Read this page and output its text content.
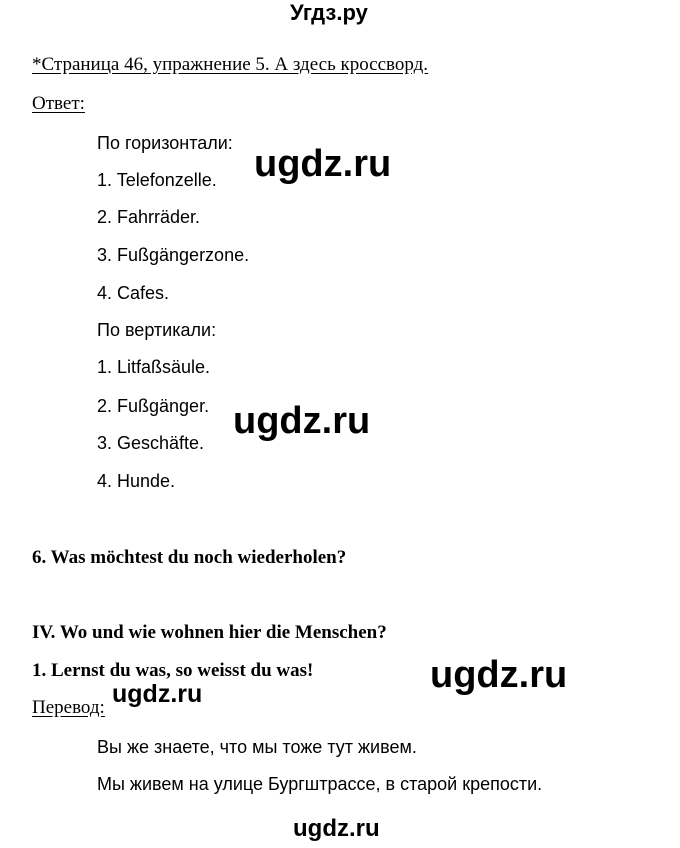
Угдз.ру
*Страница 46, упражнение 5. А здесь кроссворд.
Ответ:
По горизонтали:
1. Telefonzelle.
2. Fahrräder.
3. Fußgängerzone.
4. Cafes.
По вертикали:
1. Litfaßsäule.
2. Fußgänger.
3. Geschäfte.
4. Hunde.
6. Was möchtest du noch wiederholen?
IV. Wo und wie wohnen hier die Menschen?
1. Lernst du was, so weisst du was!
Перевод:
Вы же знаете, что мы тоже тут живем.
Мы живем на улице Бургштрассе, в старой крепости.
ugdz.ru
ugdz.ru
ugdz.ru
ugdz.ru
ugdz.ru
